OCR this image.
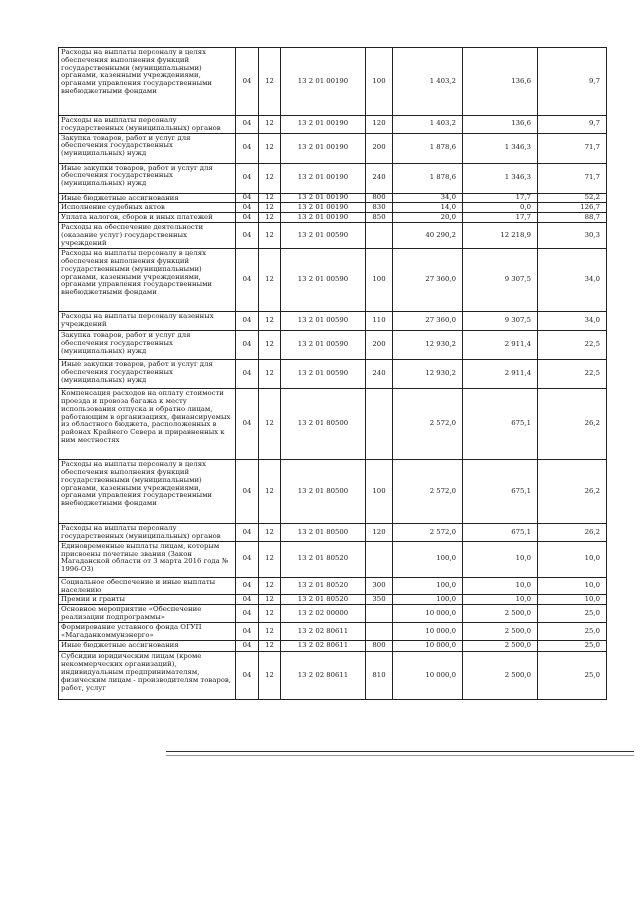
Расходы на выплаты персоналу в целях обеспечения выполнения функций государственными (муниципальными) органами, казенными учреждениями, органами управления государственными внебюджетными фондами	04	12	13 2 01 00190	100	1 403,2	136,6	9,7
Расходы на выплаты персоналу государственных (муниципальных) органов	04	12	13 2 01 00190	120	1 403,2	136,6	9,7
Закупка товаров, работ и услуг для обеспечения государственных (муниципальных) нужд	04	12	13 2 01 00190	200	1 878,6	1 346,3	71,7
Иные закупки товаров, работ и услуг для обеспечения государственных (муниципальных) нужд	04	12	13 2 01 00190	240	1 878,6	1 346,3	71,7
Иные бюджетные ассигнования	04	12	13 2 01 00190	800	34,0	17,7	52,2
Исполнение судебных актов	04	12	13 2 01 00190	830	14,0	0,0	126,7
Уплата налогов, сборов и иных платежей	04	12	13 2 01 00190	850	20,0	17,7	88,7
Расходы на обеспечение деятельности (оказание услуг) государственных учреждений	04	12	13 2 01 00590		40 290,2	12 218,9	30,3
Расходы на выплаты персоналу в целях обеспечения выполнения функций государственными (муниципальными) органами, казенными учреждениями, органами управления государственными внебюджетными фондами	04	12	13 2 01 00590	100	27 360,0	9 307,5	34,0
Расходы на выплаты персоналу казенных учреждений	04	12	13 2 01 00590	110	27 360,0	9 307,5	34,0
Закупка товаров, работ и услуг для обеспечения государственных (муниципальных) нужд	04	12	13 2 01 00590	200	12 930,2	2 911,4	22,5
Иные закупки товаров, работ и услуг для обеспечения государственных (муниципальных) нужд	04	12	13 2 01 00590	240	12 930,2	2 911,4	22,5
Компенсация расходов на оплату стоимости проезда и провоза багажа к месту использования отпуска и обратно лицам, работающим в организациях, финансируемых из областного бюджета, расположенных в районах Крайнего Севера и приравненных к ним местностях	04	12	13 2 01 80500		2 572,0	675,1	26,2
Расходы на выплаты персоналу в целях обеспечения выполнения функций государственными (муниципальными) органами, казенными учреждениями, органами управления государственными внебюджетными фондами	04	12	13 2 01 80500	100	2 572,0	675,1	26,2
Расходы на выплаты персоналу государственных (муниципальных) органов	04	12	13 2 01 80500	120	2 572,0	675,1	26,2
Единовременные выплаты лицам, которым присвоены почетные звания (Закон Магаданской области от 3 марта 2016 года № 1996-ОЗ)	04	12	13 2 01 80520		100,0	10,0	10,0
Социальное обеспечение и иные выплаты населению	04	12	13 2 01 80520	300	100,0	10,0	10,0
Премии и гранты	04	12	13 2 01 80520	350	100,0	10,0	10,0
Основное мероприятие «Обеспечение реализации подпрограммы»	04	12	13 2 02 00000		10 000,0	2 500,0	25,0
Формирование уставного фонда ОГУП «Магаданкоммунэнерго»	04	12	13 2 02 80611		10 000,0	2 500,0	25,0
Иные бюджетные ассигнования	04	12	13 2 02 80611	800	10 000,0	2 500,0	25,0
Субсидии юридическим лицам (кроме некоммерческих организаций), индивидуальным предпринимателям, физическим лицам - производителям товаров, работ, услуг	04	12	13 2 02 80611	810	10 000,0	2 500,0	25,0
